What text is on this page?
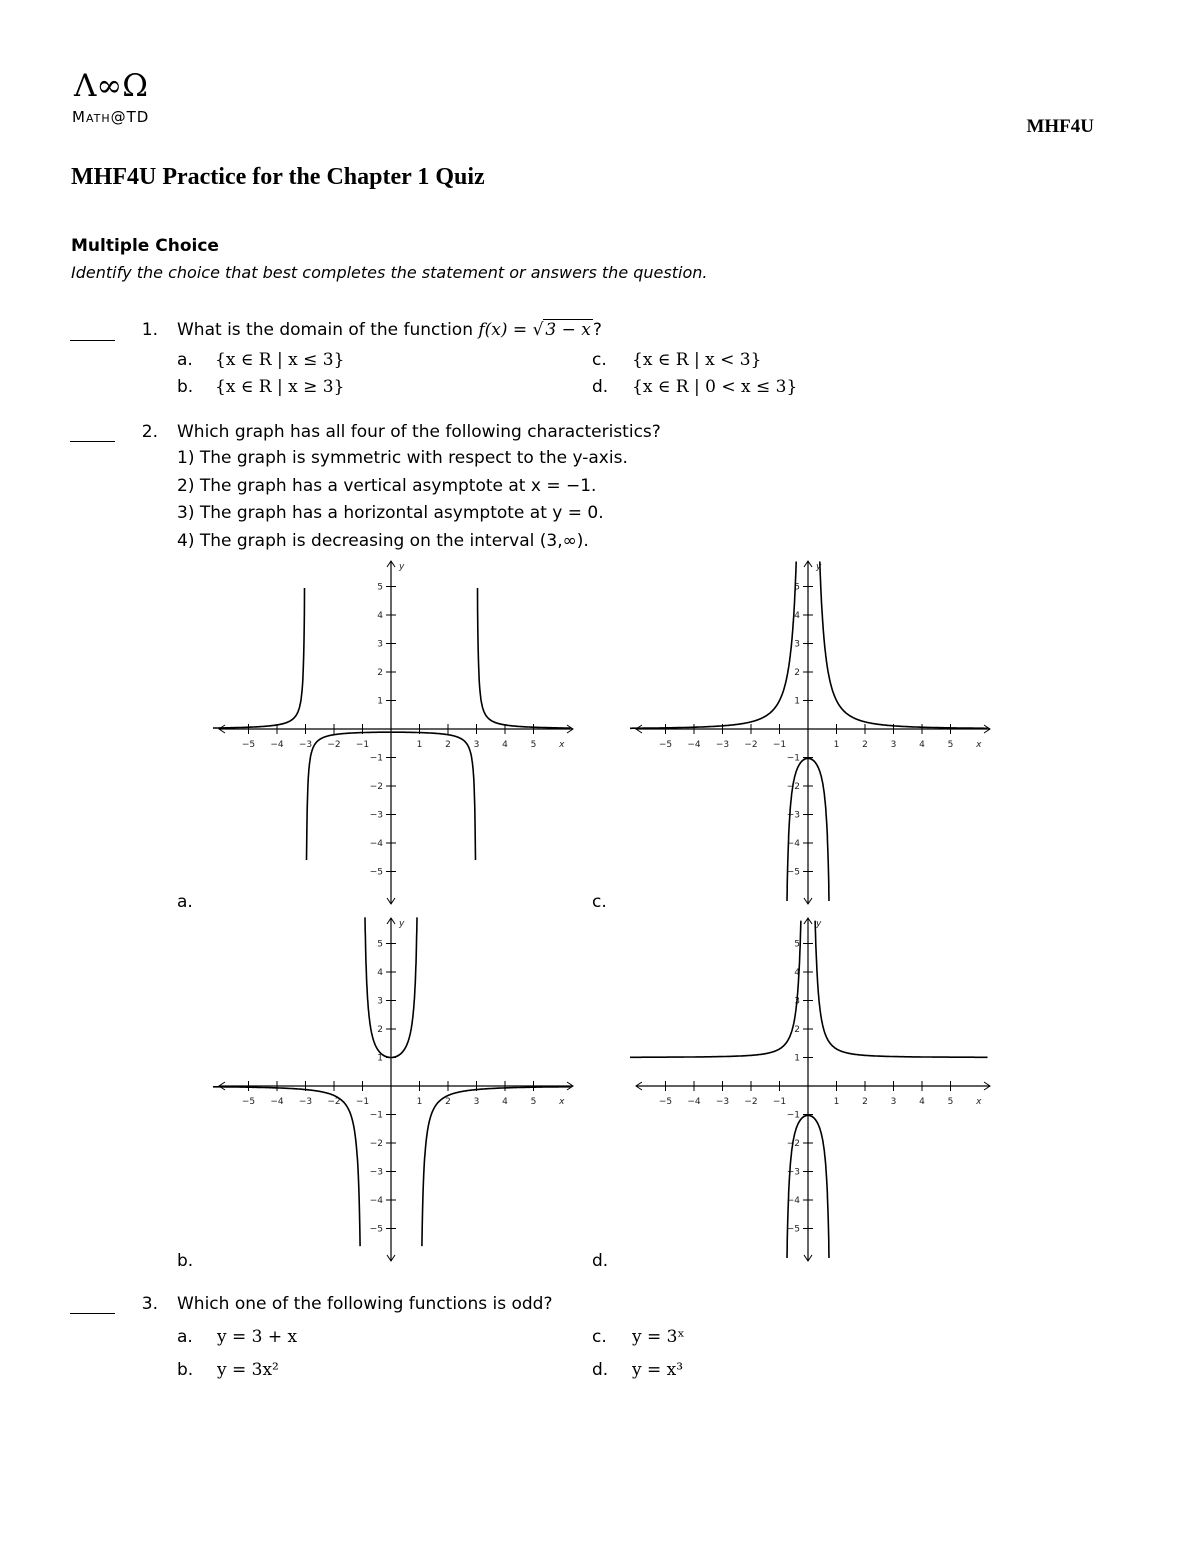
Λ∞Ω
Math@TD	MHF4U
MHF4U Practice for the Chapter 1 Quiz
Multiple Choice
Identify the choice that best completes the statement or answers the question.
1. What is the domain of the function f(x) = √ 3 − x ?
a. {x ∈ R | x ≤ 3}
b. {x ∈ R | x ≥ 3}
c. {x ∈ R | x < 3}
d. {x ∈ R | 0 < x ≤ 3}
2. Which graph has all four of the following characteristics?
1) The graph is symmetric with respect to the y-axis.
2) The graph has a vertical asymptote at x = −1.
3) The graph has a horizontal asymptote at y = 0.
4) The graph is decreasing on the interval (3,∞).
−5 −4 −3 −2 −1	1	2	3	4	5
5
4
3
2
1
−1
−2
−3
−4
−5
x
y
−5 −4 −3 −2 −1	1	2	3	4	5
5
4
3
2
1
−1
−2
−3
−4
−5
x
y
−5 −4 −3 −2 −1	1	2	3	4	5
5
4
3
2
1
−1
−2
−3
−4
−5
x
y
−5 −4 −3 −2 −1	1	2	3	4	5
5
4
3
2
1
−1
−2
−3
−4
−5
x
y
a.	c.
b.	d.
3. Which one of the following functions is odd?
a. y = 3 + x
b. y = 3x²
c. y = 3ˣ
d. y = x³
